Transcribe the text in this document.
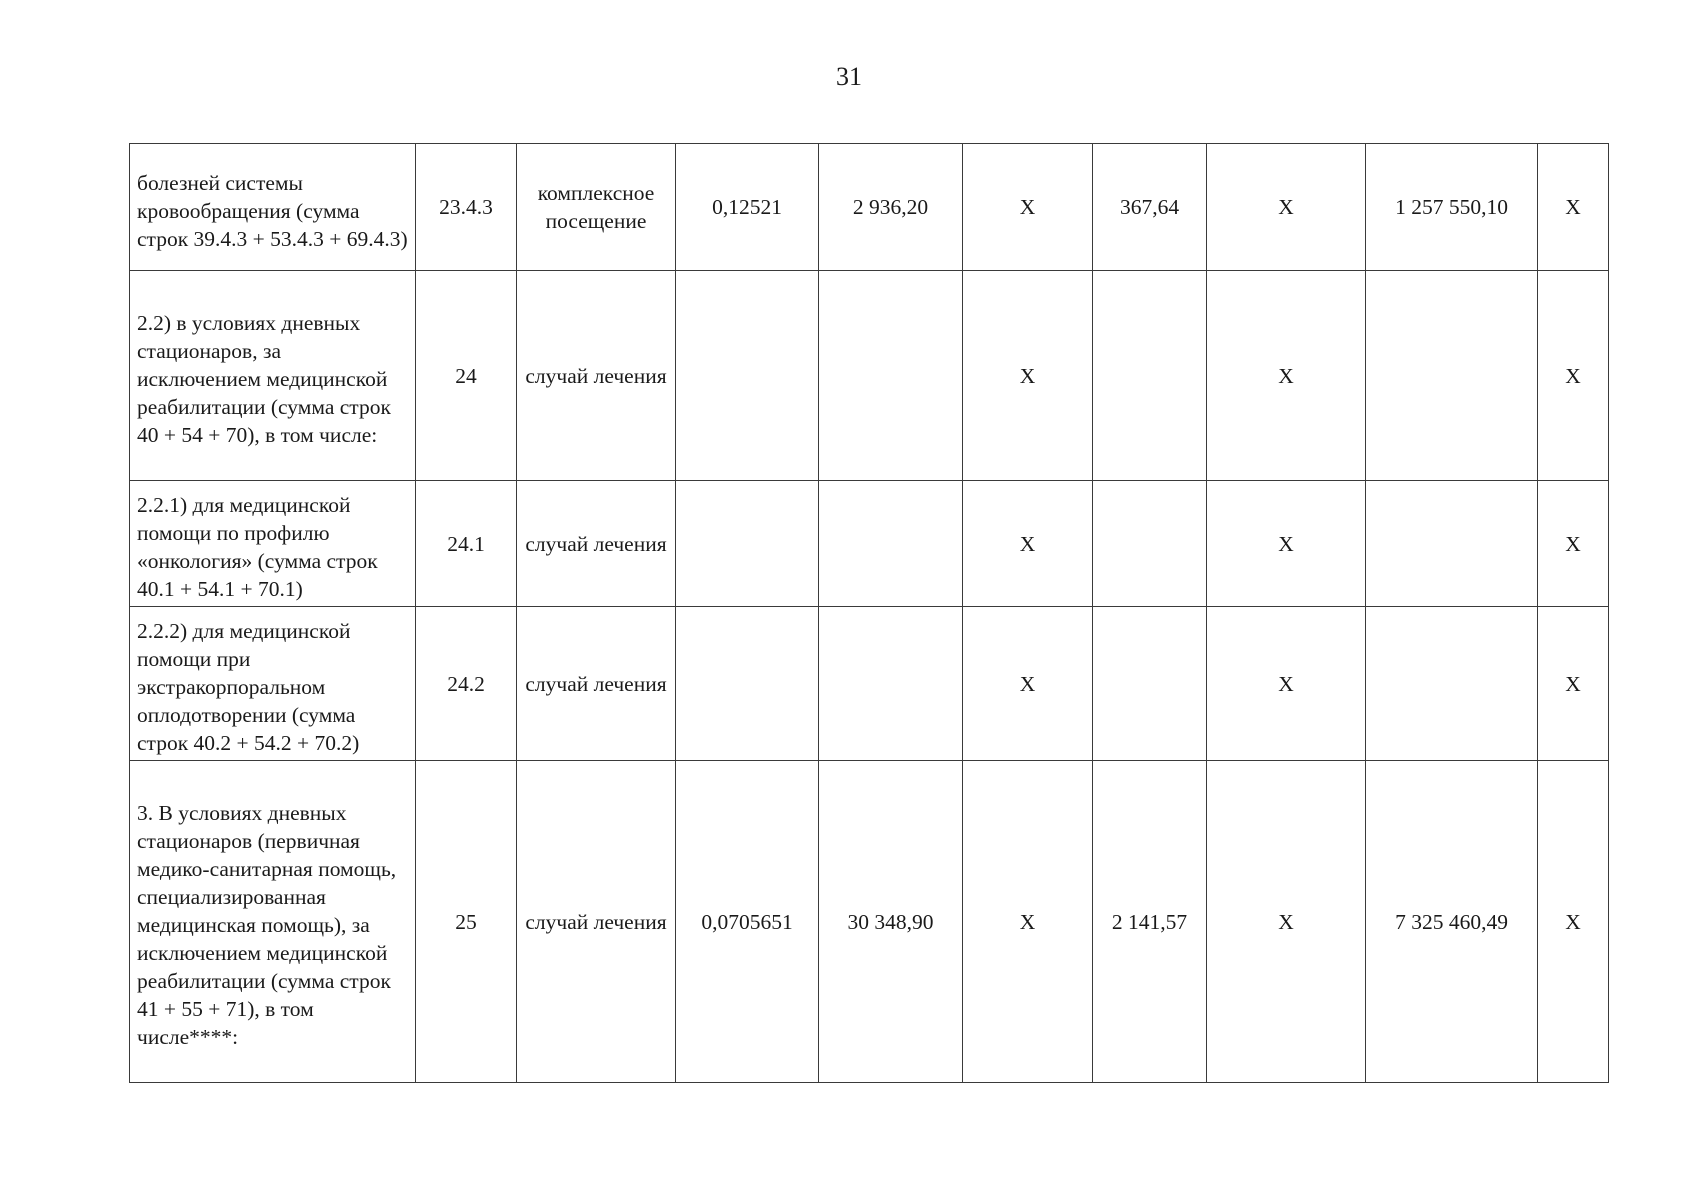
31
болезней системы кровообращения (сумма строк 39.4.3 + 53.4.3 + 69.4.3)	23.4.3	комплексное посещение	0,12521	2 936,20	X	367,64	X	1 257 550,10	X
2.2) в условиях дневных стационаров, за исключением медицинской реабилитации (сумма строк 40 + 54 + 70), в том числе:	24	случай лечения			X		X		X
2.2.1) для медицинской помощи по профилю «онкология» (сумма строк 40.1 + 54.1 + 70.1)	24.1	случай лечения			X		X		X
2.2.2) для медицинской помощи при экстракорпоральном оплодотворении (сумма строк 40.2 + 54.2 + 70.2)	24.2	случай лечения			X		X		X
3. В условиях дневных стационаров (первичная медико-санитарная помощь, специализированная медицинская помощь), за исключением медицинской реабилитации (сумма строк 41 + 55 + 71), в том числе****:	25	случай лечения	0,0705651	30 348,90	X	2 141,57	X	7 325 460,49	X
